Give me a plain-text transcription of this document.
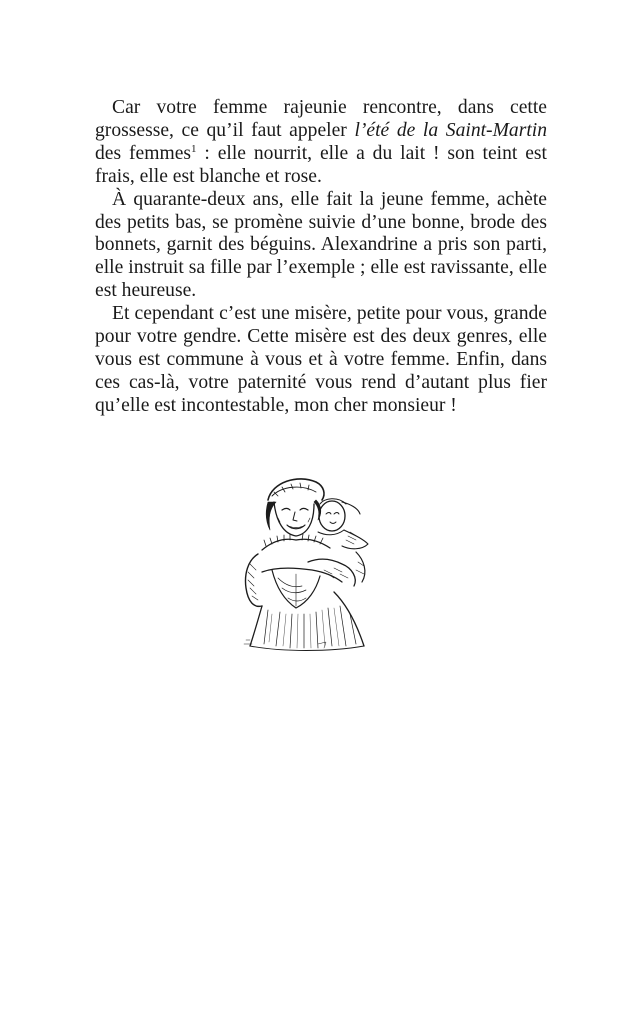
Car votre femme rajeunie rencontre, dans cette grossesse, ce qu’il faut appeler l’été de la Saint-Martin des femmes$^1$ : elle nourrit, elle a du lait ! son teint est frais, elle est blanche et rose.

À quarante-deux ans, elle fait la jeune femme, achète des petits bas, se promène suivie d’une bonne, brode des bonnets, garnit des béguins. Alexandrine a pris son parti, elle instruit sa fille par l’exemple ; elle est ravissante, elle est heureuse.

Et cependant c’est une misère, petite pour vous, grande pour votre gendre. Cette misère est des deux genres, elle vous est commune à vous et à votre femme. Enfin, dans ces cas-là, votre paternité vous rend d’autant plus fier qu’elle est incontestable, mon cher monsieur !
